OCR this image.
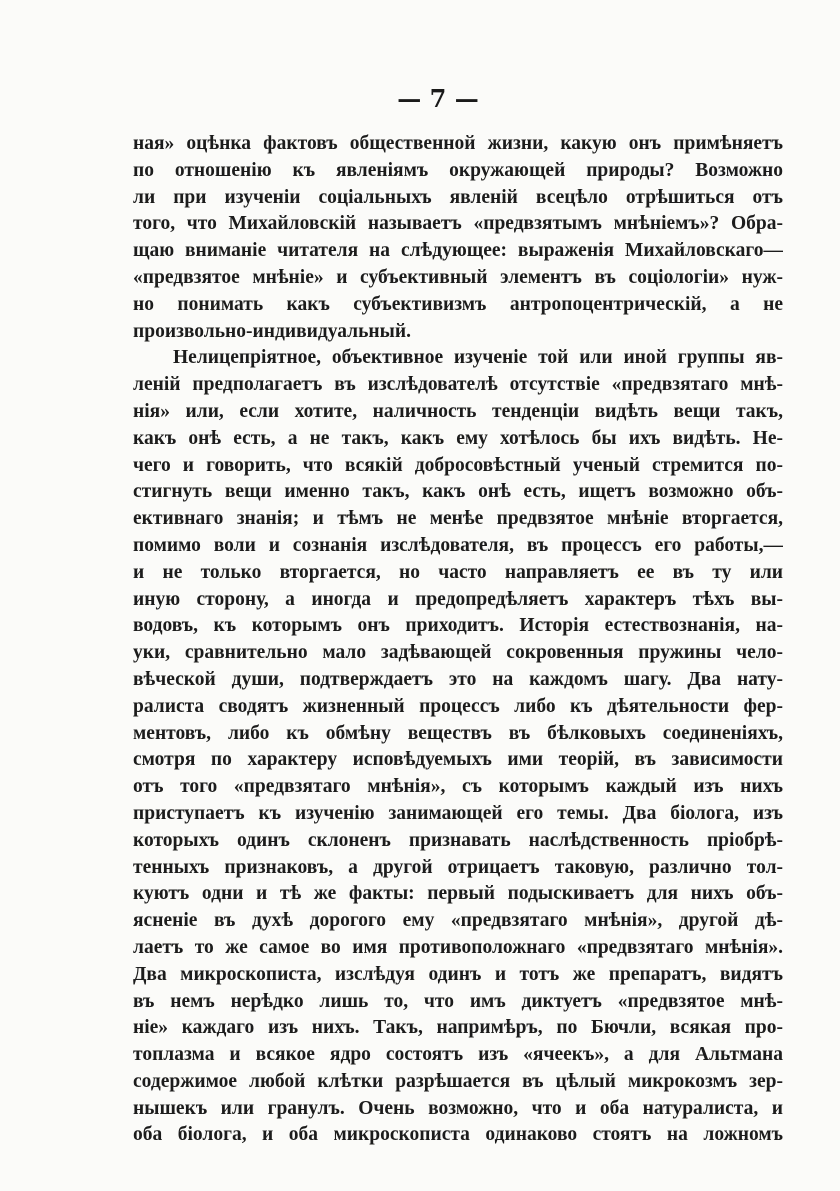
— 7 —
ная» оцѣнка фактовъ общественной жизни, какую онъ примѣняетъ
по отношенію къ явленіямъ окружающей природы? Возможно
ли при изученіи соціальныхъ явленій всецѣло отрѣшиться отъ
того, что Михайловскій называетъ «предвзятымъ мнѣніемъ»? Обра-
щаю вниманіе читателя на слѣдующее: выраженія Михайловскаго—
«предвзятое мнѣніе» и субъективный элементъ въ соціологіи» нуж-
но понимать какъ субъективизмъ антропоцентрическій, а не
произвольно-индивидуальный.
Нелицепріятное, объективное изученіе той или иной группы яв-
леній предполагаетъ въ изслѣдователѣ отсутствіе «предвзятаго мнѣ-
нія» или, если хотите, наличность тенденціи видѣть вещи такъ,
какъ онѣ есть, а не такъ, какъ ему хотѣлось бы ихъ видѣть. Не-
чего и говорить, что всякій добросовѣстный ученый стремится по-
стигнуть вещи именно такъ, какъ онѣ есть, ищетъ возможно объ-
ективнаго знанія; и тѣмъ не менѣе предвзятое мнѣніе вторгается,
помимо воли и сознанія изслѣдователя, въ процессъ его работы,—
и не только вторгается, но часто направляетъ ее въ ту или
иную сторону, а иногда и предопредѣляетъ характеръ тѣхъ вы-
водовъ, къ которымъ онъ приходитъ. Исторія естествознанія, на-
уки, сравнительно мало задѣвающей сокровенныя пружины чело-
вѣческой души, подтверждаетъ это на каждомъ шагу. Два нату-
ралиста сводятъ жизненный процессъ либо къ дѣятельности фер-
ментовъ, либо къ обмѣну веществъ въ бѣлковыхъ соединеніяхъ,
смотря по характеру исповѣдуемыхъ ими теорій, въ зависимости
отъ того «предвзятаго мнѣнія», съ которымъ каждый изъ нихъ
приступаетъ къ изученію занимающей его темы. Два біолога, изъ
которыхъ одинъ склоненъ признавать наслѣдственность пріобрѣ-
тенныхъ признаковъ, а другой отрицаетъ таковую, различно тол-
куютъ одни и тѣ же факты: первый подыскиваетъ для нихъ объ-
ясненіе въ духѣ дорогого ему «предвзятаго мнѣнія», другой дѣ-
лаетъ то же самое во имя противоположнаго «предвзятаго мнѣнія».
Два микроскописта, изслѣдуя одинъ и тотъ же препаратъ, видятъ
въ немъ нерѣдко лишь то, что имъ диктуетъ «предвзятое мнѣ-
ніе» каждаго изъ нихъ. Такъ, напримѣръ, по Бючли, всякая про-
топлазма и всякое ядро состоятъ изъ «ячеекъ», а для Альтмана
содержимое любой клѣтки разрѣшается въ цѣлый микрокозмъ зер-
нышекъ или гранулъ. Очень возможно, что и оба натуралиста, и
оба біолога, и оба микроскописта одинаково стоятъ на ложномъ
